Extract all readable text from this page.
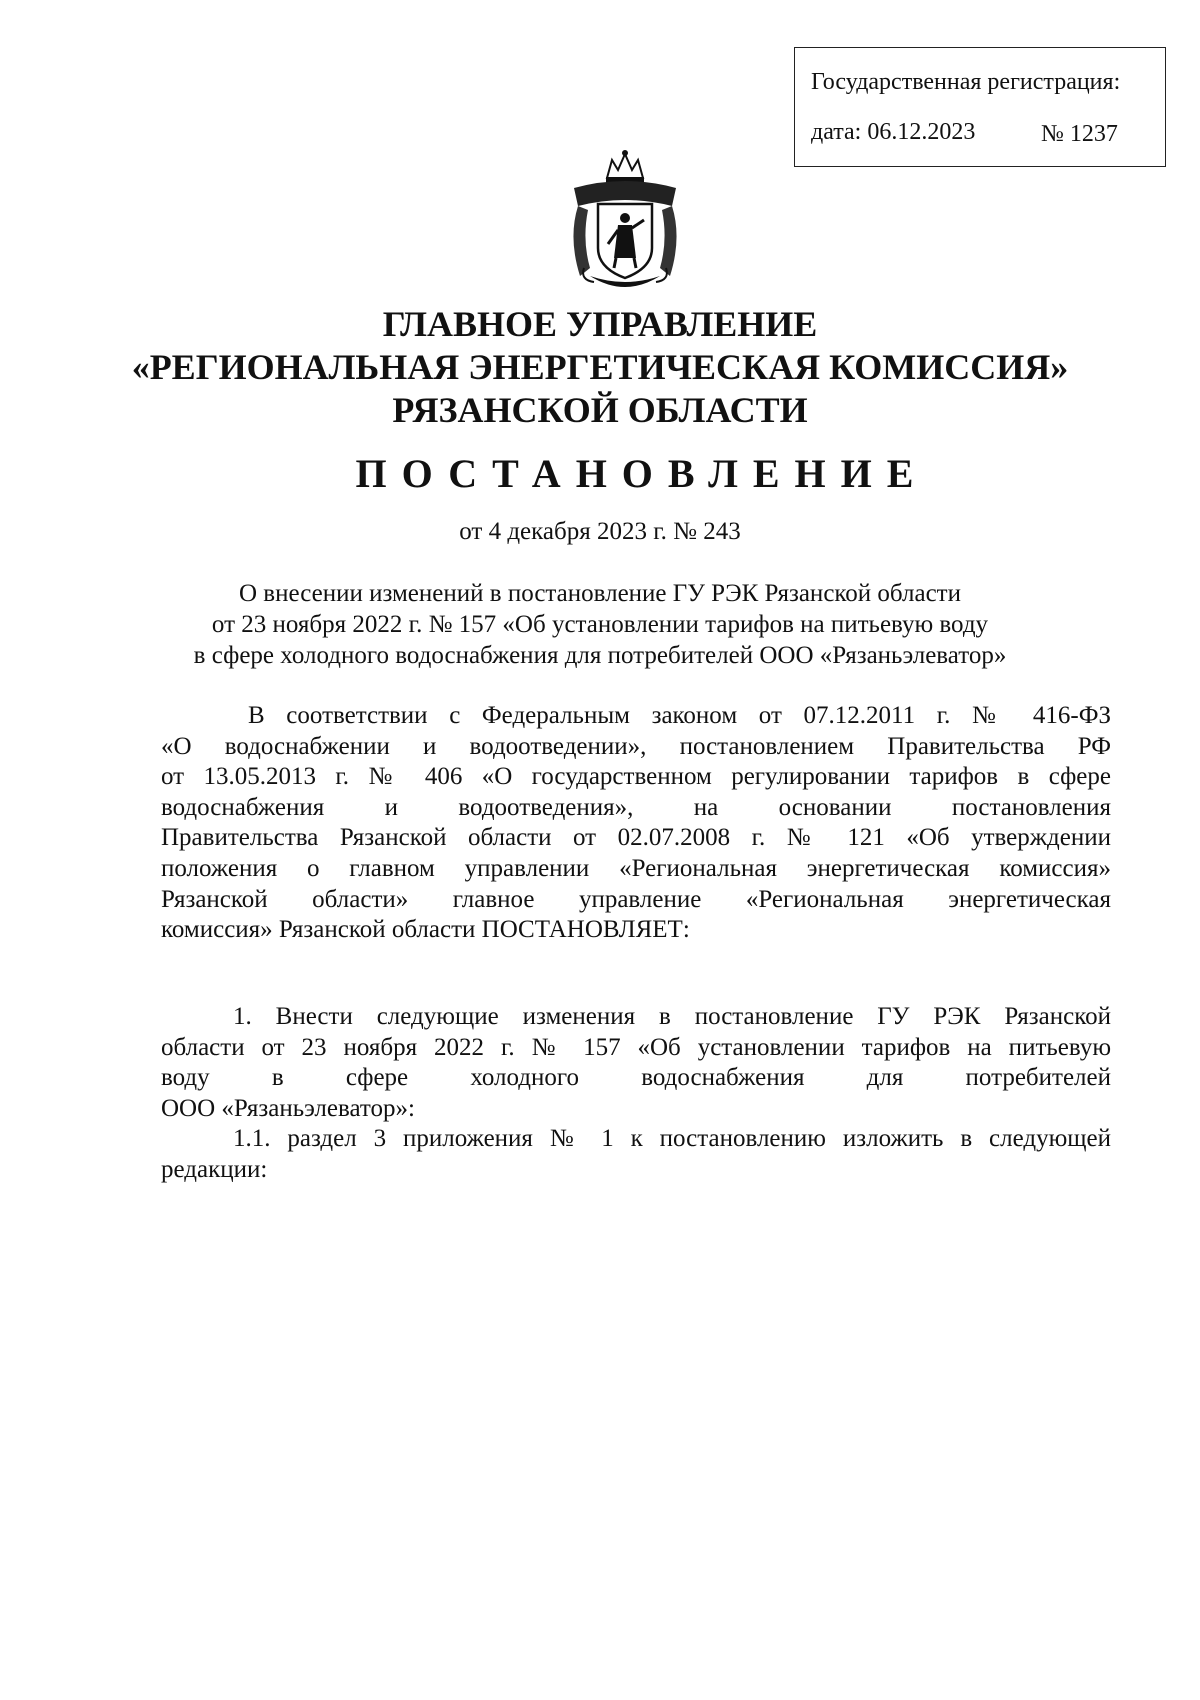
Государственная регистрация:
дата: 06.12.2023	№ 1237
ГЛАВНОЕ УПРАВЛЕНИЕ
«РЕГИОНАЛЬНАЯ ЭНЕРГЕТИЧЕСКАЯ КОМИССИЯ»
РЯЗАНСКОЙ ОБЛАСТИ
ПОСТАНОВЛЕНИЕ
от 4 декабря 2023 г. № 243
О внесении изменений в постановление ГУ РЭК Рязанской области
от 23 ноября 2022 г. № 157 «Об установлении тарифов на питьевую воду
в сфере холодного водоснабжения для потребителей ООО «Рязаньэлеватор»
В соответствии с Федеральным законом от 07.12.2011 г. № 416-ФЗ
«О водоснабжении и водоотведении», постановлением Правительства РФ
от 13.05.2013 г. № 406 «О государственном регулировании тарифов в сфере
водоснабжения и водоотведения», на основании постановления
Правительства Рязанской области от 02.07.2008 г. № 121 «Об утверждении
положения о главном управлении «Региональная энергетическая комиссия»
Рязанской области» главное управление «Региональная энергетическая
комиссия» Рязанской области ПОСТАНОВЛЯЕТ:
1. Внести следующие изменения в постановление ГУ РЭК Рязанской
области от 23 ноября 2022 г. № 157 «Об установлении тарифов на питьевую
воду в сфере холодного водоснабжения для потребителей
ООО «Рязаньэлеватор»:
1.1. раздел 3 приложения № 1 к постановлению изложить в следующей
редакции:
